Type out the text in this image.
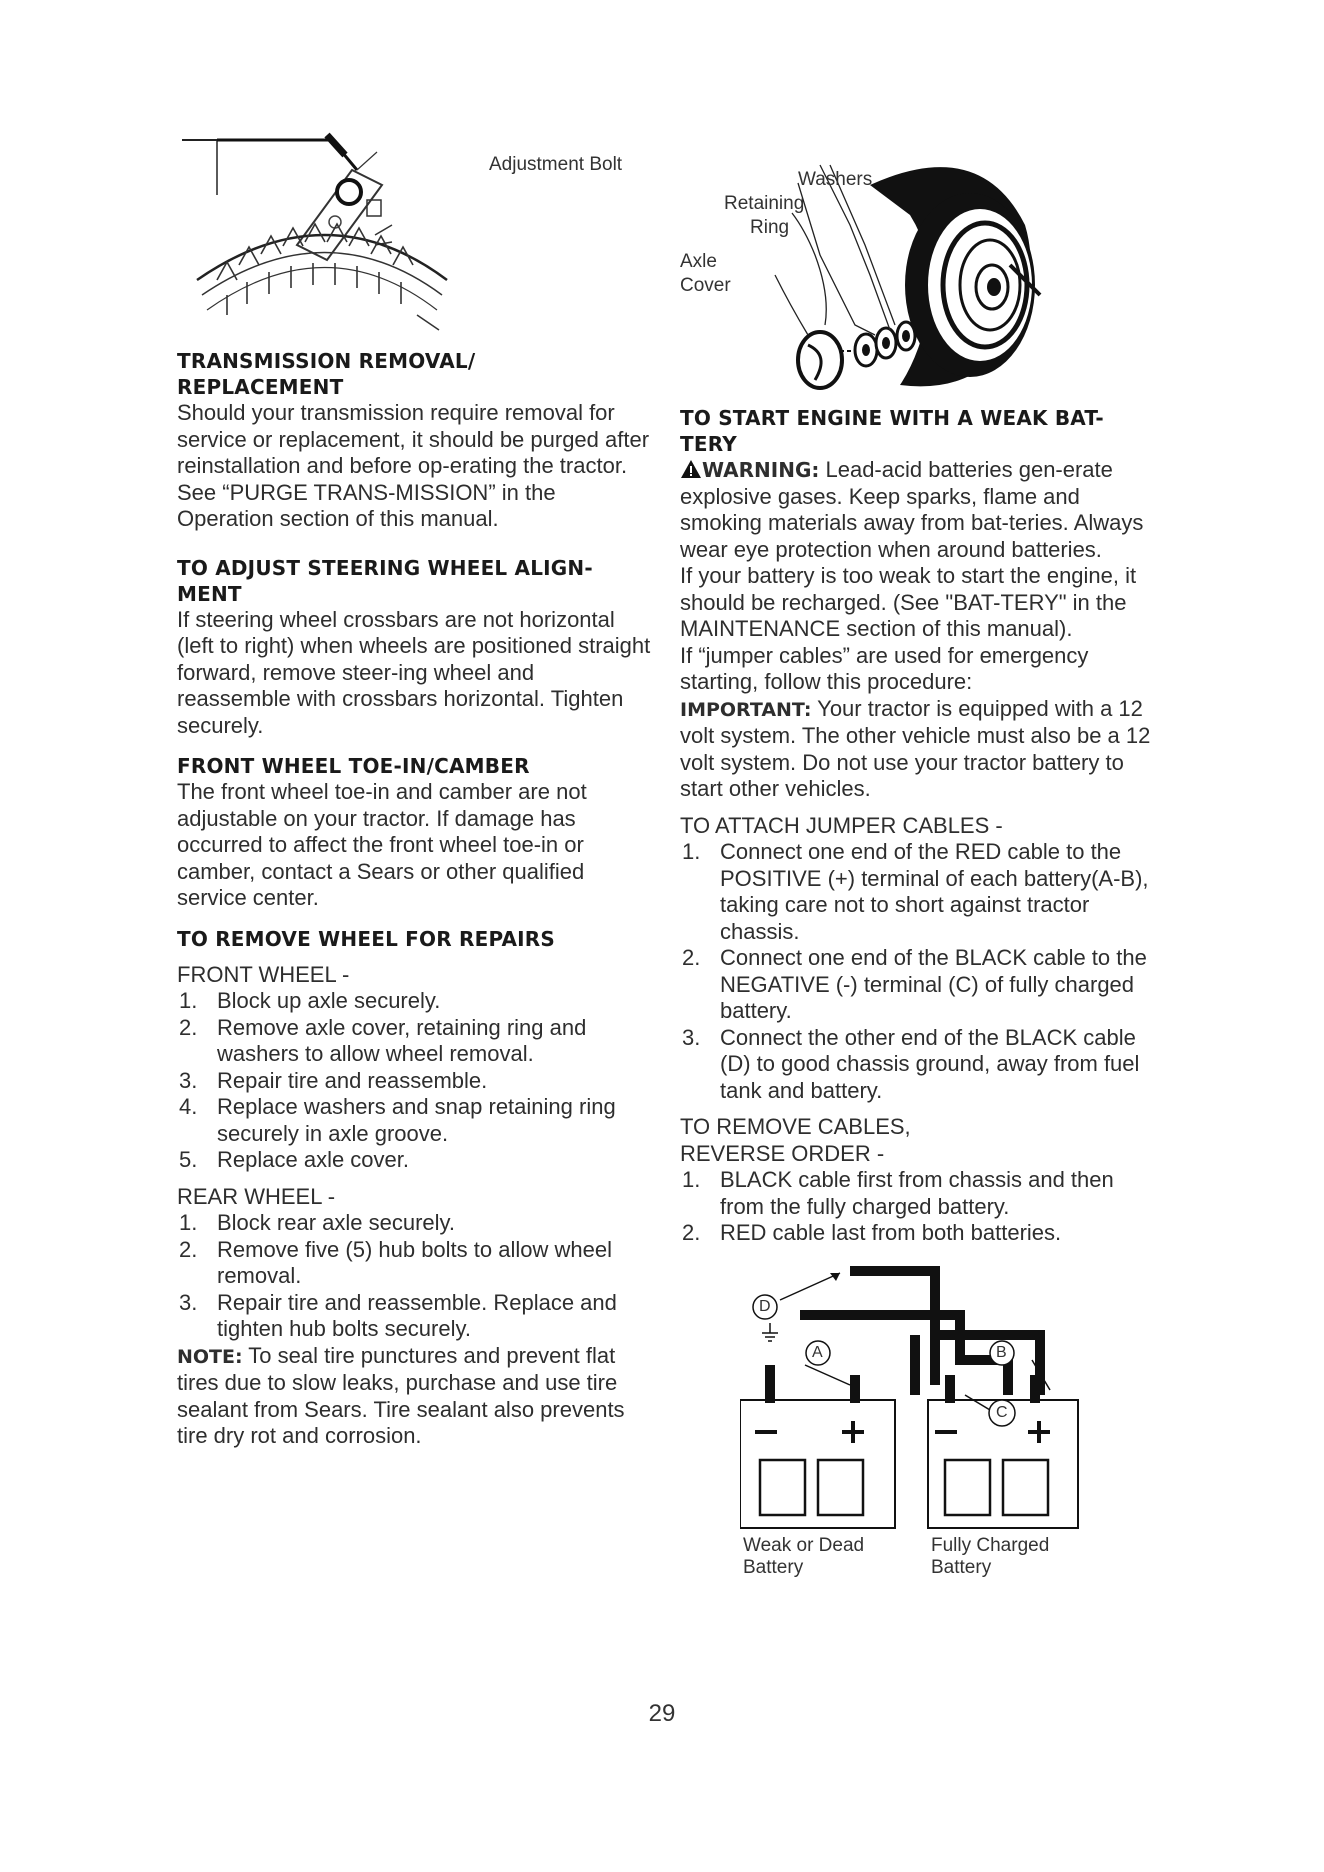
Adjustment Bolt
TRANSMISSION REMOVAL/
REPLACEMENT

Should your transmission require removal for service or replacement, it should be purged after reinstallation and before op-erating the tractor. See “PURGE TRANS-MISSION” in the Operation section of this manual.

TO ADJUST STEERING WHEEL ALIGN-
MENT

If steering wheel crossbars are not horizontal (left to right) when wheels are positioned straight forward, remove steer-ing wheel and reassemble with crossbars horizontal. Tighten securely.

FRONT WHEEL TOE-IN/CAMBER

The front wheel toe-in and camber are not adjustable on your tractor. If damage has occurred to affect the front wheel toe-in or camber, contact a Sears or other qualified service center.

TO REMOVE WHEEL FOR REPAIRS
FRONT WHEEL -
1. Block up axle securely.
2. Remove axle cover, retaining ring and washers to allow wheel removal.
3. Repair tire and reassemble.
4. Replace washers and snap retaining ring securely in axle groove.
5. Replace axle cover.
REAR WHEEL -
1. Block rear axle securely.
2. Remove five (5) hub bolts to allow wheel removal.
3. Repair tire and reassemble. Replace and tighten hub bolts securely.

NOTE: To seal tire punctures and prevent flat tires due to slow leaks, purchase and use tire sealant from Sears. Tire sealant also prevents tire dry rot and corrosion.

Washers
Retaining
Ring
Axle
Cover
TO START ENGINE WITH A WEAK BAT-
TERY

WARNING: Lead-acid batteries gen-erate explosive gases. Keep sparks, flame and smoking materials away from bat-teries. Always wear eye protection when around batteries.

If your battery is too weak to start the engine, it should be recharged. (See "BAT-TERY" in the MAINTENANCE section of this manual).

If “jumper cables” are used for emergency starting, follow this procedure:

IMPORTANT: Your tractor is equipped with a 12 volt system. The other vehicle must also be a 12 volt system. Do not use your tractor battery to start other vehicles.

TO ATTACH JUMPER CABLES -
1. Connect one end of the RED cable to the POSITIVE (+) terminal of each battery(A-B), taking care not to short against tractor chassis.
2. Connect one end of the BLACK cable to the NEGATIVE (-) terminal (C) of fully charged battery.
3. Connect the other end of the BLACK cable (D) to good chassis ground, away from fuel tank and battery.
TO REMOVE CABLES, REVERSE ORDER -
1. BLACK cable first from chassis and then from the fully charged battery.
2. RED cable last from both batteries.
D
A	B
C
Weak or Dead
Battery
Fully Charged
Battery
29
